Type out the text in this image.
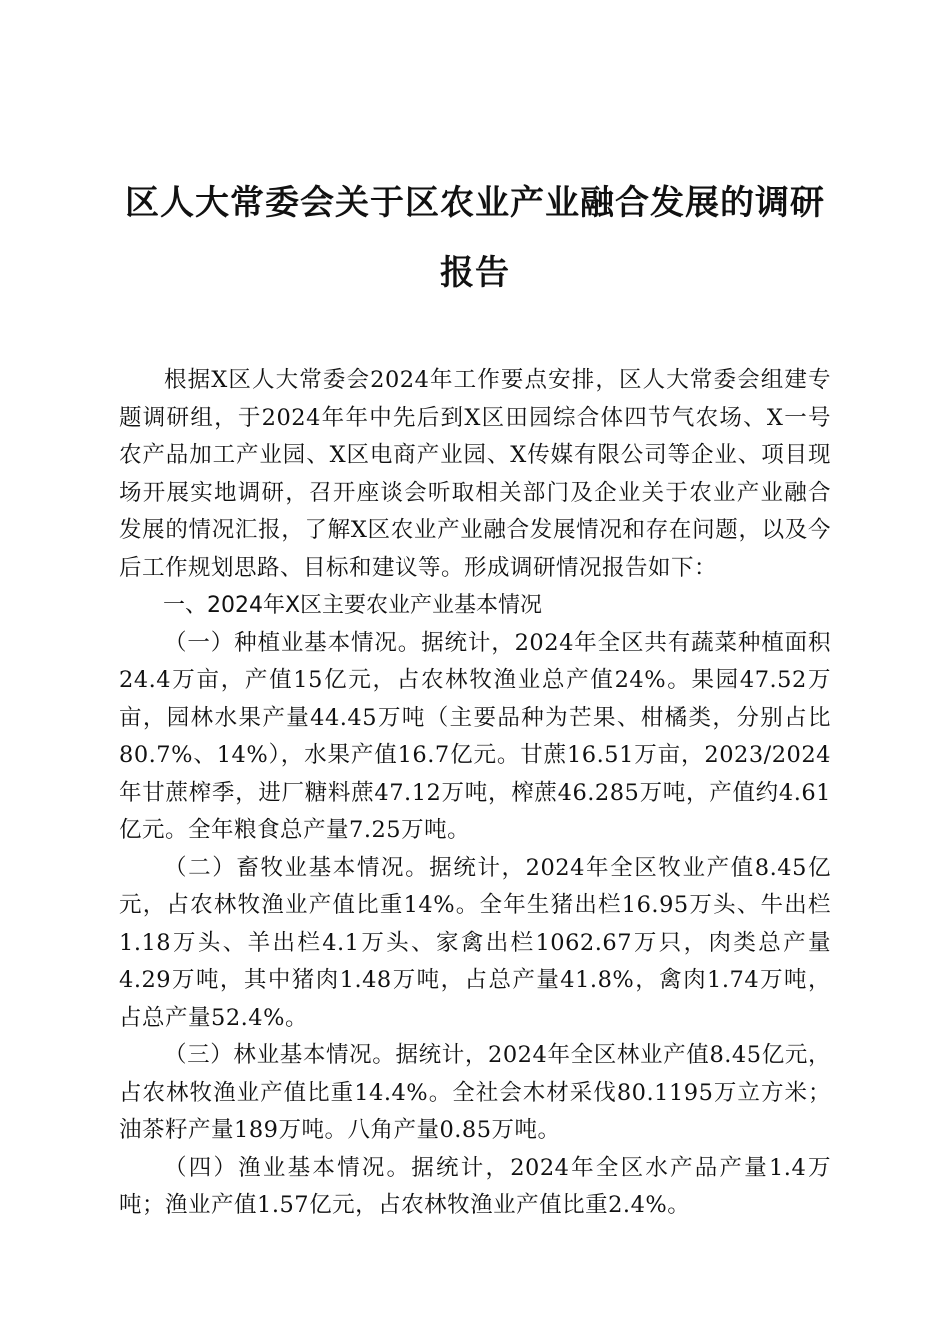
区人大常委会关于区农业产业融合发展的调研
报告

根据X区人大常委会2024年工作要点安排，区人大常委会组建专题调研组，于2024年年中先后到X区田园综合体四节气农场、X一号农产品加工产业园、X区电商产业园、X传媒有限公司等企业、项目现场开展实地调研，召开座谈会听取相关部门及企业关于农业产业融合发展的情况汇报，了解X区农业产业融合发展情况和存在问题，以及今后工作规划思路、目标和建议等。形成调研情况报告如下：

一、2024年X区主要农业产业基本情况

（一）种植业基本情况。据统计，2024年全区共有蔬菜种植面积24.4万亩，产值15亿元，占农林牧渔业总产值24%。果园47.52万亩，园林水果产量44.45万吨（主要品种为芒果、柑橘类，分别占比80.7%、14%），水果产值16.7亿元。甘蔗16.51万亩，2023/2024年甘蔗榨季，进厂糖料蔗47.12万吨，榨蔗46.285万吨，产值约4.61亿元。全年粮食总产量7.25万吨。

（二）畜牧业基本情况。据统计，2024年全区牧业产值8.45亿元，占农林牧渔业产值比重14%。全年生猪出栏16.95万头、牛出栏1.18万头、羊出栏4.1万头、家禽出栏1062.67万只，肉类总产量4.29万吨，其中猪肉1.48万吨，占总产量41.8%，禽肉1.74万吨，占总产量52.4%。

（三）林业基本情况。据统计，2024年全区林业产值8.45亿元，占农林牧渔业产值比重14.4%。全社会木材采伐80.1195万立方米；油茶籽产量189万吨。八角产量0.85万吨。

（四）渔业基本情况。据统计，2024年全区水产品产量1.4万吨；渔业产值1.57亿元，占农林牧渔业产值比重2.4%。
